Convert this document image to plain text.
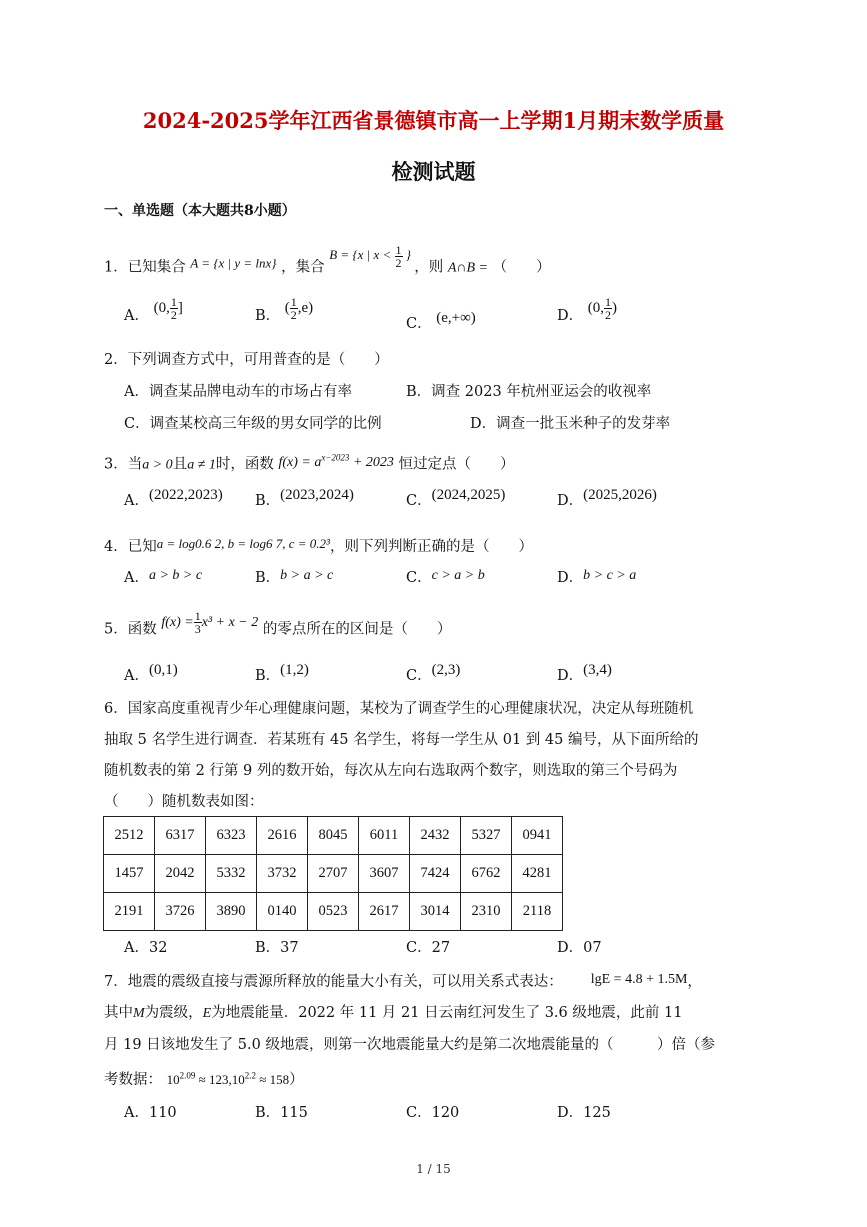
2024-2025学年江西省景德镇市高一上学期1月期末数学质量
检测试题
一、单选题（本大题共8小题）
1．已知集合 A = {x | y = lnx} ，集合 B = {x | $x < \frac{1}{2}$ } ，则 A∩B = （　　）
A． (0, $\frac{1}{2}$ ]	B． ( $\frac{1}{2} ,e$)
C． (e,+∞)	D． (0, $\frac{1}{2}$ )
2．下列调查方式中，可用普查的是（　　）
A．调查某品牌电动车的市场占有率	B．调查 2023 年杭州亚运会的收视率
C．调查某校高三年级的男女同学的比例	D．调查一批玉米种子的发芽率
3．当a > 0且a ≠ 1时，函数 $f(x) = a^{x-2023} + 2023$ 恒过定点（　　）
A．(2022,2023) B．(2023,2024)	C．(2024,2025)	D．(2025,2026)
4．已知a = log0.6 2, b = log6 7, c = 0.2³，则下列判断正确的是（　　）
A．a > b > c	B．b > a > c	C．c > a > b	D．b > c > a
5．函数 $f(x) = \frac{1}{3} x^3 + x - 2$ 的零点所在的区间是（　　）
A．(0,1)	B．(1,2)	C．(2,3)	D．(3,4)
6．国家高度重视青少年心理健康问题，某校为了调查学生的心理健康状况，决定从每班随机
抽取 5 名学生进行调查．若某班有 45 名学生，将每一学生从 01 到 45 编号，从下面所给的
随机数表的第 2 行第 9 列的数开始，每次从左向右选取两个数字，则选取的第三个号码为
（　　）随机数表如图：
2512	6317	6323	2616	8045	6011	2432	5327	0941
1457	2042	5332	3732	2707	3607	7424	6762	4281
2191	3726	3890	0140	0523	2617	3014	2310	2118
A．32	B．37	C．27	D．07
7．地震的震级直接与震源所释放的能量大小有关，可以用关系式表达： lgE = 4.8 + 1.5M，
其中M为震级，E为地震能量．2022 年 11 月 21 日云南红河发生了 3.6 级地震，此前 11
月 19 日该地发生了 5.0 级地震，则第一次地震能量大约是第二次地震能量的（　　　）倍（参
考数据： $10^{2.09} \approx 123,10^{2.2} \approx 158$）
A．110	B．115	C．120	D．125
1 / 15
